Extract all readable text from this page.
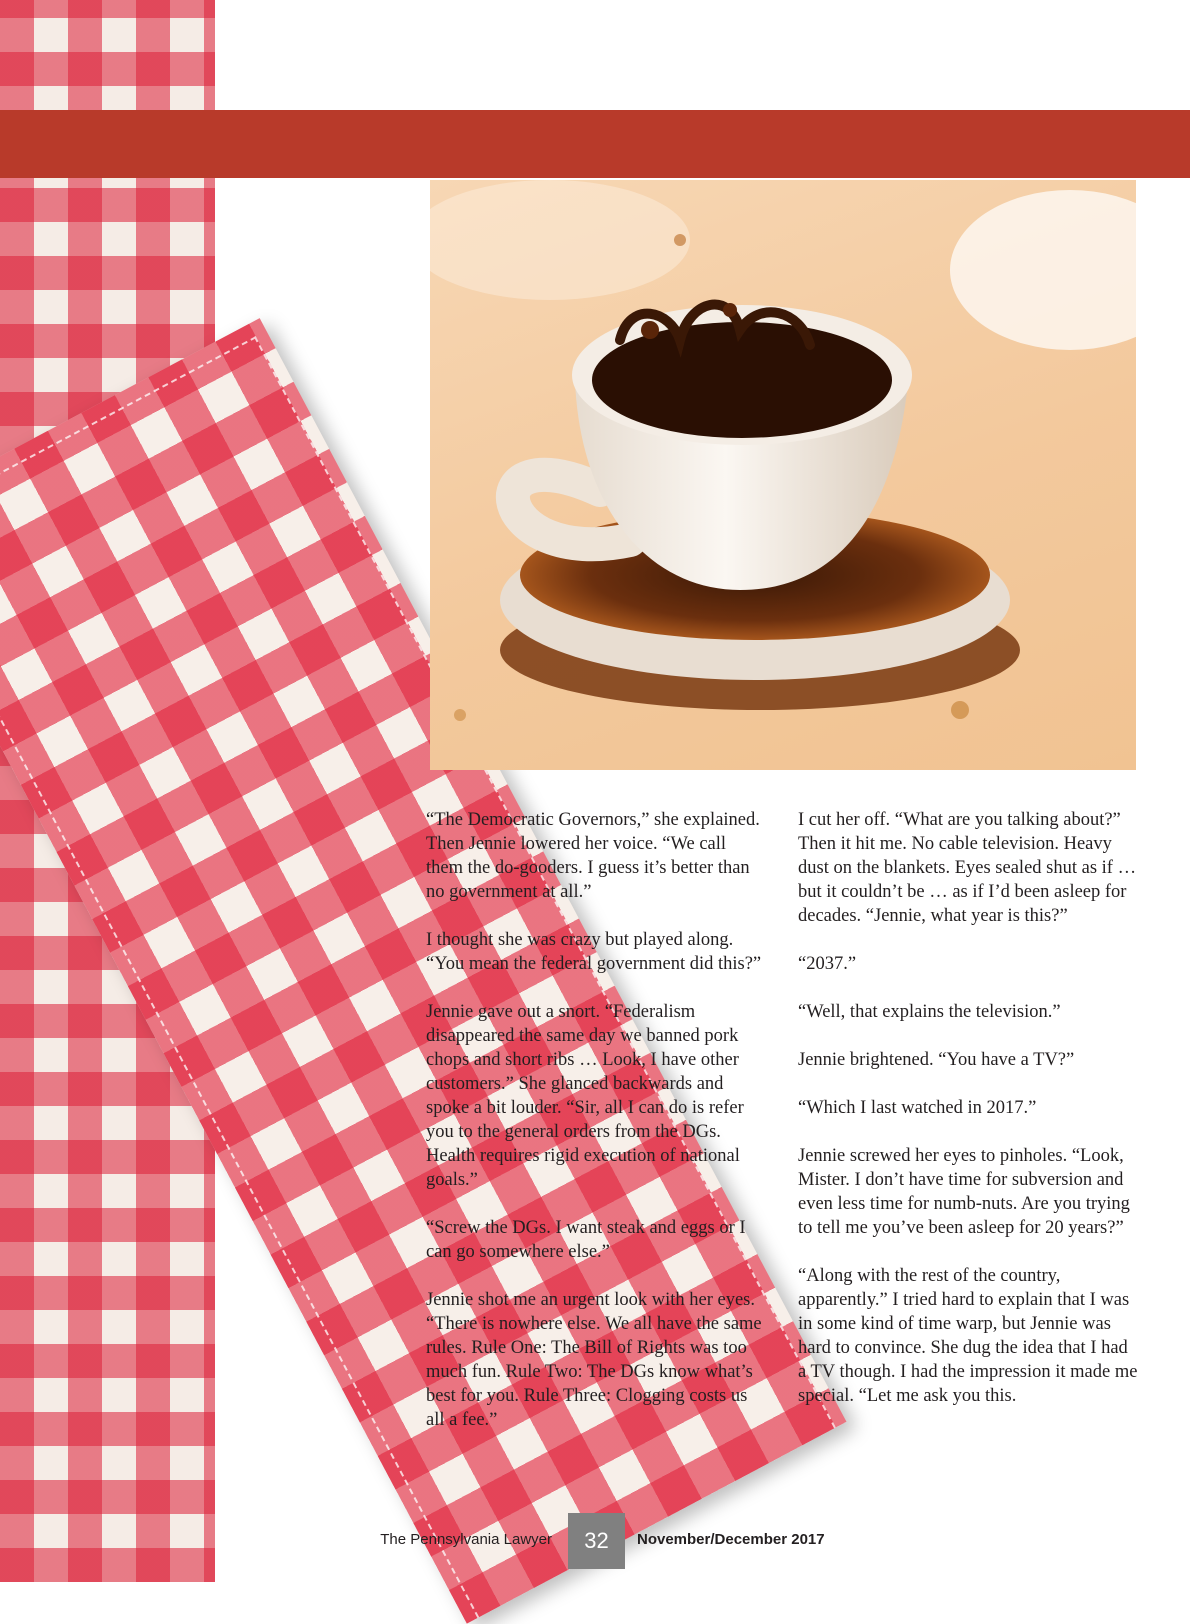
“The Democratic Governors,” she explained. Then Jennie lowered her voice. “We call them the do-gooders. I guess it’s better than no government at all.”

I thought she was crazy but played along. “You mean the federal government did this?”

Jennie gave out a snort. “Federalism disappeared the same day we banned pork chops and short ribs … Look, I have other customers.” She glanced backwards and spoke a bit louder. “Sir, all I can do is refer you to the general orders from the DGs. Health requires rigid execution of national goals.”

“Screw the DGs. I want steak and eggs or I can go somewhere else.”

Jennie shot me an urgent look with her eyes. “There is nowhere else. We all have the same rules. Rule One: The Bill of Rights was too much fun. Rule Two: The DGs know what’s best for you. Rule Three: Clogging costs us all a fee.”

I cut her off. “What are you talking about?” Then it hit me. No cable television. Heavy dust on the blankets. Eyes sealed shut as if … but it couldn’t be … as if I’d been asleep for decades. “Jennie, what year is this?”

“2037.”

“Well, that explains the television.”

Jennie brightened. “You have a TV?”

“Which I last watched in 2017.”

Jennie screwed her eyes to pinholes. “Look, Mister. I don’t have time for subversion and even less time for numb-nuts. Are you trying to tell me you’ve been asleep for 20 years?”

“Along with the rest of the country, apparently.” I tried hard to explain that I was in some kind of time warp, but Jennie was hard to convince. She dug the idea that I had a TV though. I had the impression it made me special. “Let me ask you this.

The Pennsylvania Lawyer	32	November/December 2017
